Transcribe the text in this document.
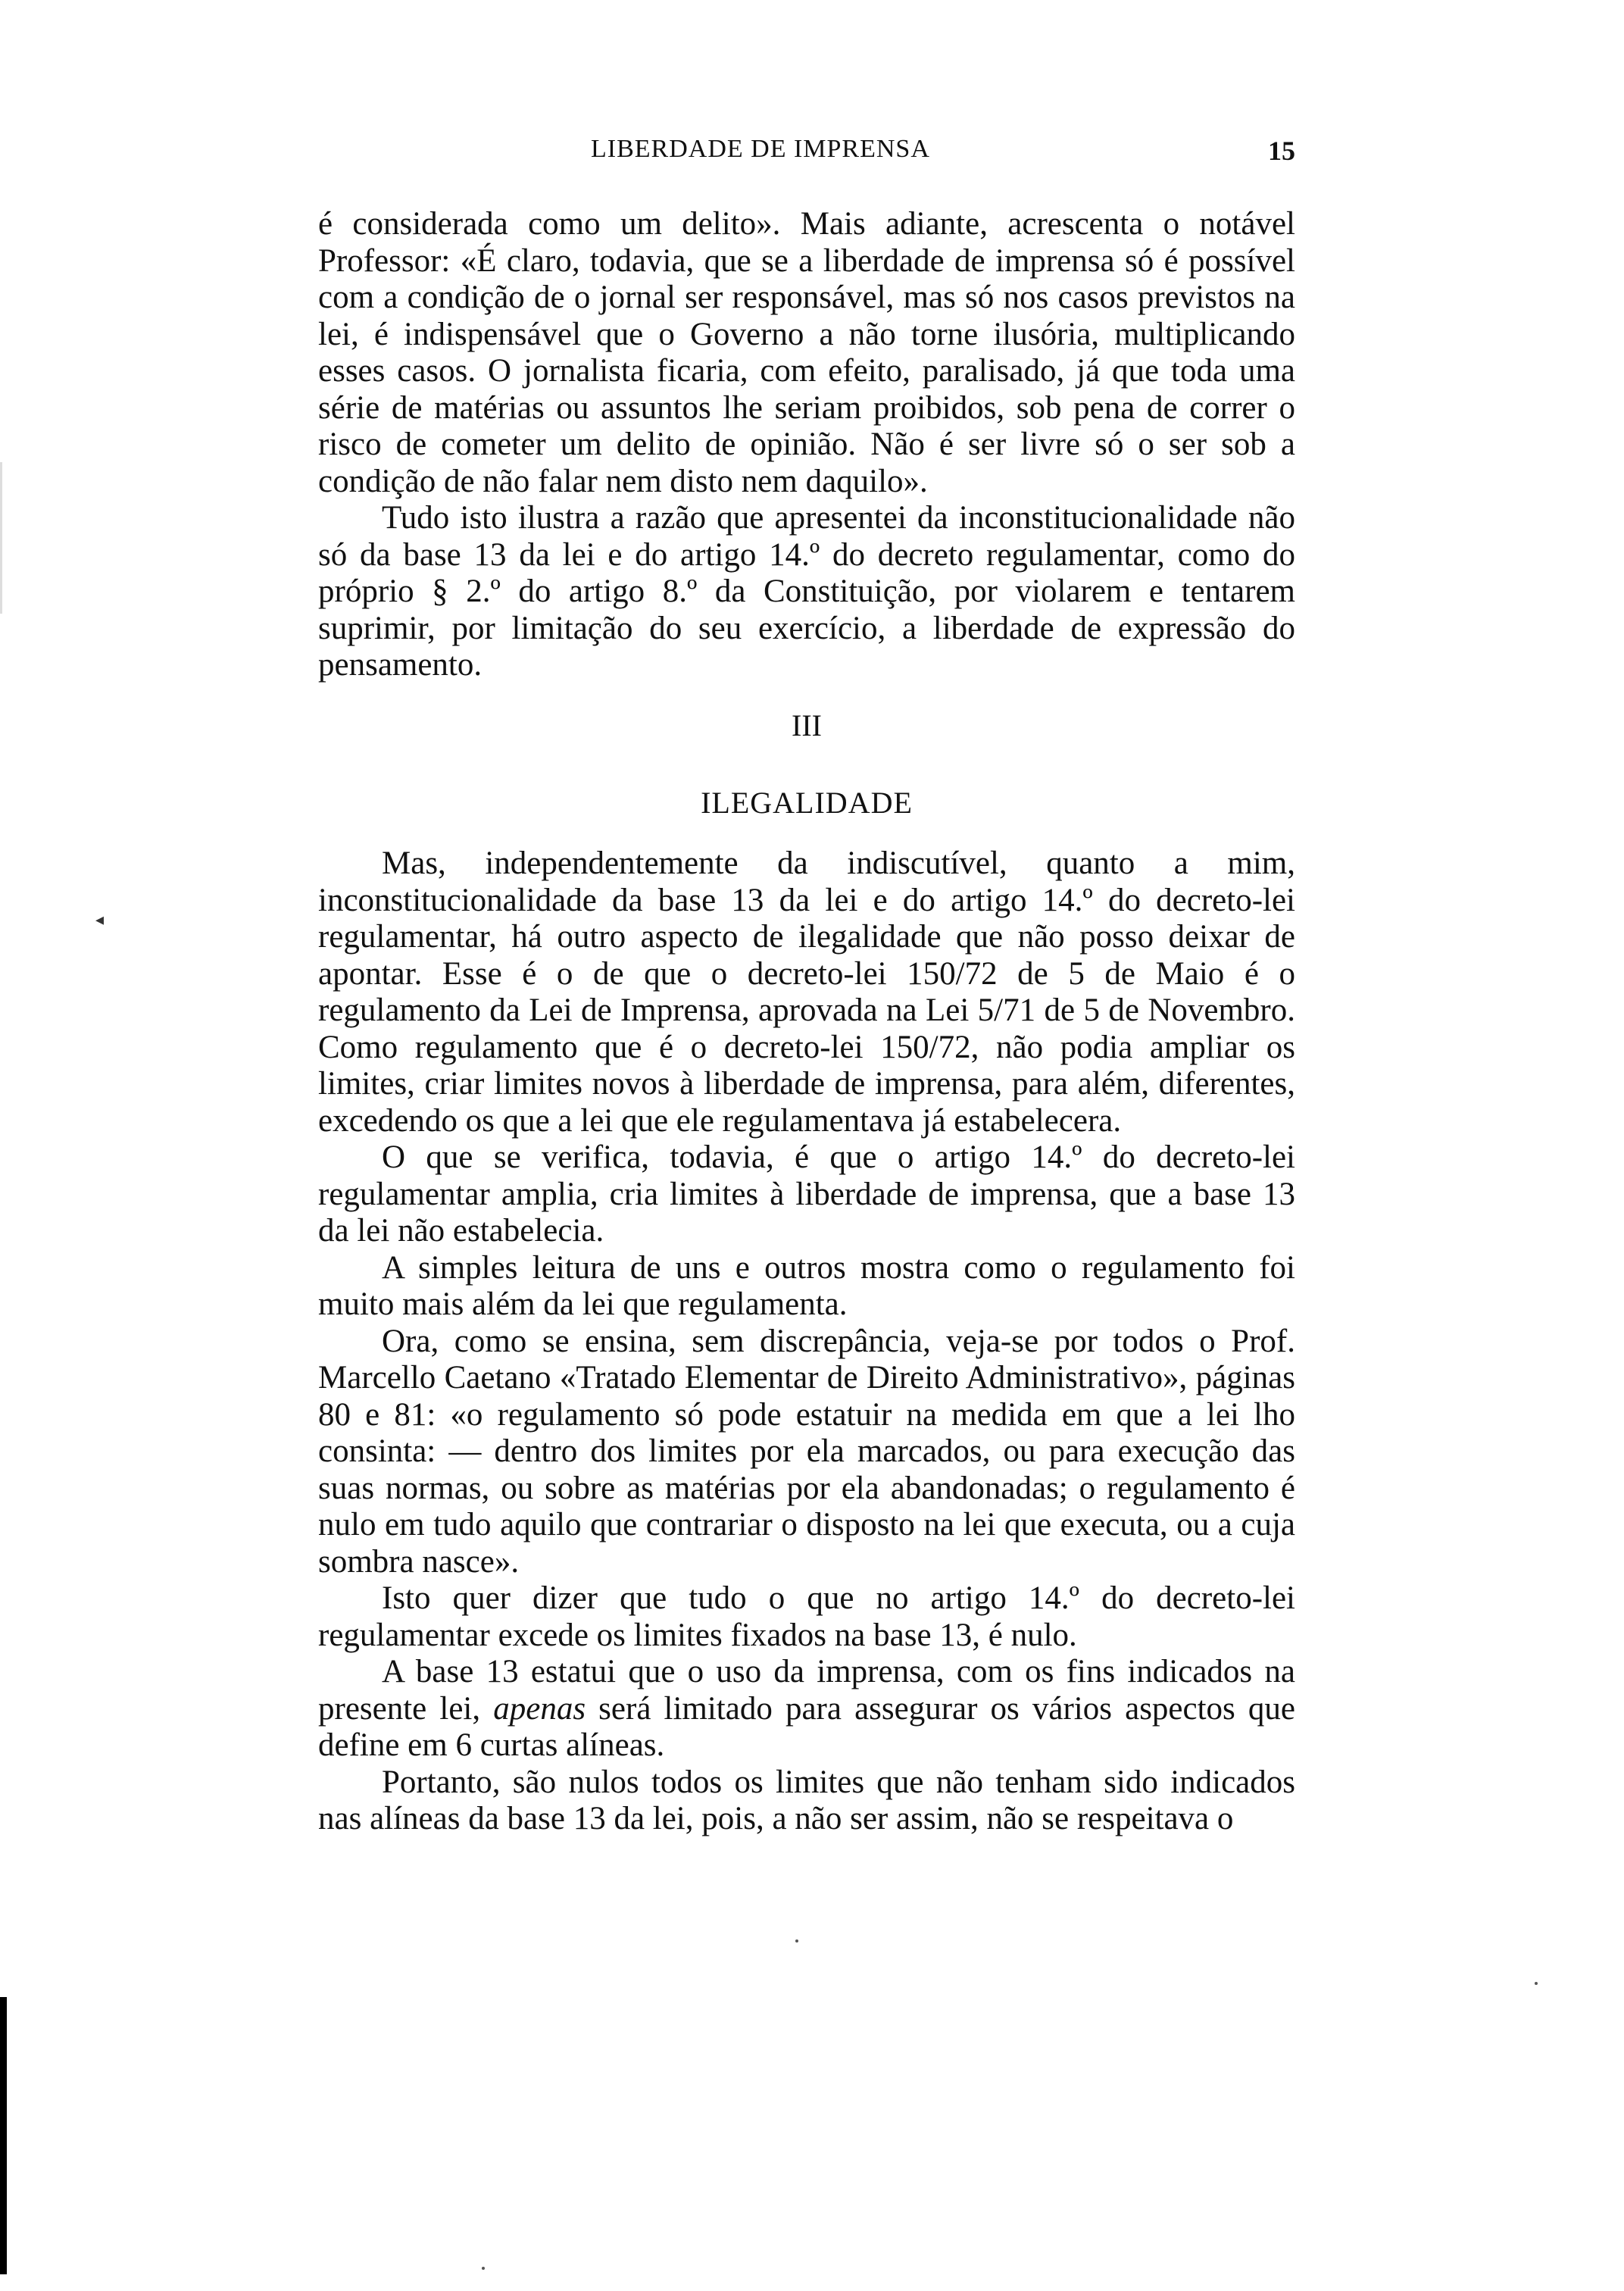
LIBERDADE DE IMPRENSA	15

é considerada como um delito». Mais adiante, acrescenta o notável Professor: «É claro, todavia, que se a liberdade de imprensa só é possível com a condição de o jornal ser responsável, mas só nos casos previstos na lei, é indispensável que o Governo a não torne ilusória, multiplicando esses casos. O jornalista ficaria, com efeito, paralisado, já que toda uma série de matérias ou assuntos lhe seriam proibidos, sob pena de correr o risco de cometer um delito de opinião. Não é ser livre só o ser sob a condição de não falar nem disto nem daquilo».

Tudo isto ilustra a razão que apresentei da inconstitucionalidade não só da base 13 da lei e do artigo 14.º do decreto regulamentar, como do próprio § 2.º do artigo 8.º da Constituição, por violarem e tentarem suprimir, por limitação do seu exercício, a liberdade de expressão do pensamento.

III
ILEGALIDADE

Mas, independentemente da indiscutível, quanto a mim, inconstitucionalidade da base 13 da lei e do artigo 14.º do decreto-lei regulamentar, há outro aspecto de ilegalidade que não posso deixar de apontar. Esse é o de que o decreto-lei 150/72 de 5 de Maio é o regulamento da Lei de Imprensa, aprovada na Lei 5/71 de 5 de Novembro. Como regulamento que é o decreto-lei 150/72, não podia ampliar os limites, criar limites novos à liberdade de imprensa, para além, diferentes, excedendo os que a lei que ele regulamentava já estabelecera.

O que se verifica, todavia, é que o artigo 14.º do decreto-lei regulamentar amplia, cria limites à liberdade de imprensa, que a base 13 da lei não estabelecia.

A simples leitura de uns e outros mostra como o regulamento foi muito mais além da lei que regulamenta.

Ora, como se ensina, sem discrepância, veja-se por todos o Prof. Marcello Caetano «Tratado Elementar de Direito Administrativo», páginas 80 e 81: «o regulamento só pode estatuir na medida em que a lei lho consinta: — dentro dos limites por ela marcados, ou para execução das suas normas, ou sobre as matérias por ela abandonadas; o regulamento é nulo em tudo aquilo que contrariar o disposto na lei que executa, ou a cuja sombra nasce».

Isto quer dizer que tudo o que no artigo 14.º do decreto-lei regulamentar excede os limites fixados na base 13, é nulo.

A base 13 estatui que o uso da imprensa, com os fins indicados na presente lei, apenas será limitado para assegurar os vários aspectos que define em 6 curtas alíneas.

Portanto, são nulos todos os limites que não tenham sido indicados nas alíneas da base 13 da lei, pois, a não ser assim, não se respeitava o

◂
